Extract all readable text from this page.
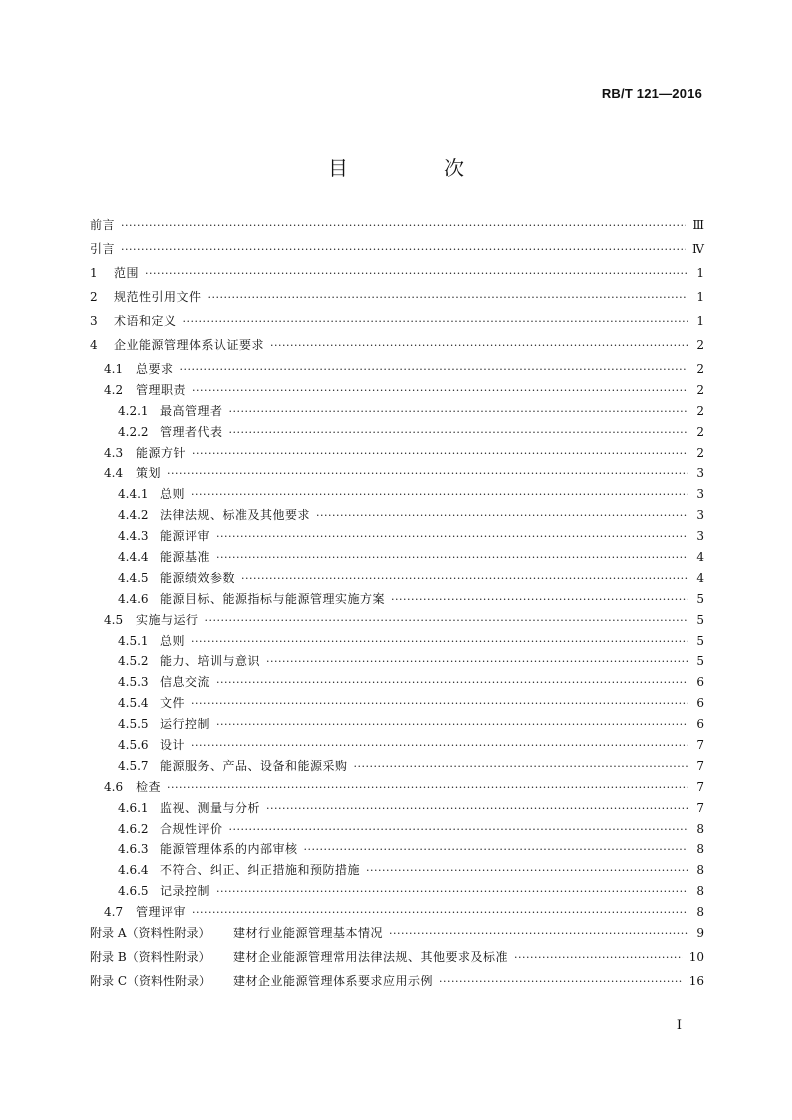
RB/T 121—2016
目　次
前言 ·····	Ⅲ
引言 ·····	Ⅳ
1	范围 ·····	1
2	规范性引用文件 ·····	1
3	术语和定义 ·····	1
4	企业能源管理体系认证要求 ·····	2
4.1	总要求 ·····	2
4.2	管理职责 ·····	2
4.2.1 最高管理者 ·····	2
4.2.2 管理者代表 ·····	2
4.3	能源方针 ·····	2
4.4	策划 ·····	3
4.4.1 总则 ·····	3
4.4.2 法律法规、标准及其他要求 ·····	3
4.4.3 能源评审 ·····	3
4.4.4 能源基准 ·····	4
4.4.5 能源绩效参数 ·····	4
4.4.6 能源目标、能源指标与能源管理实施方案 ·····	5
4.5	实施与运行 ·····	5
4.5.1 总则 ·····	5
4.5.2 能力、培训与意识 ·····	5
4.5.3 信息交流 ·····	6
4.5.4 文件 ·····	6
4.5.5 运行控制 ·····	6
4.5.6 设计 ·····	7
4.5.7 能源服务、产品、设备和能源采购 ·····	7
4.6	检查 ·····	7
4.6.1 监视、测量与分析 ·····	7
4.6.2 合规性评价 ·····	8
4.6.3 能源管理体系的内部审核 ·····	8
4.6.4 不符合、纠正、纠正措施和预防措施 ·····	8
4.6.5 记录控制 ·····	8
4.7	管理评审 ·····	8
附录 A（资料性附录）	建材行业能源管理基本情况 ·····	9
附录 B（资料性附录）	建材企业能源管理常用法律法规、其他要求及标准 ·····	10
附录 C（资料性附录）	建材企业能源管理体系要求应用示例 ·····	16
Ⅰ
